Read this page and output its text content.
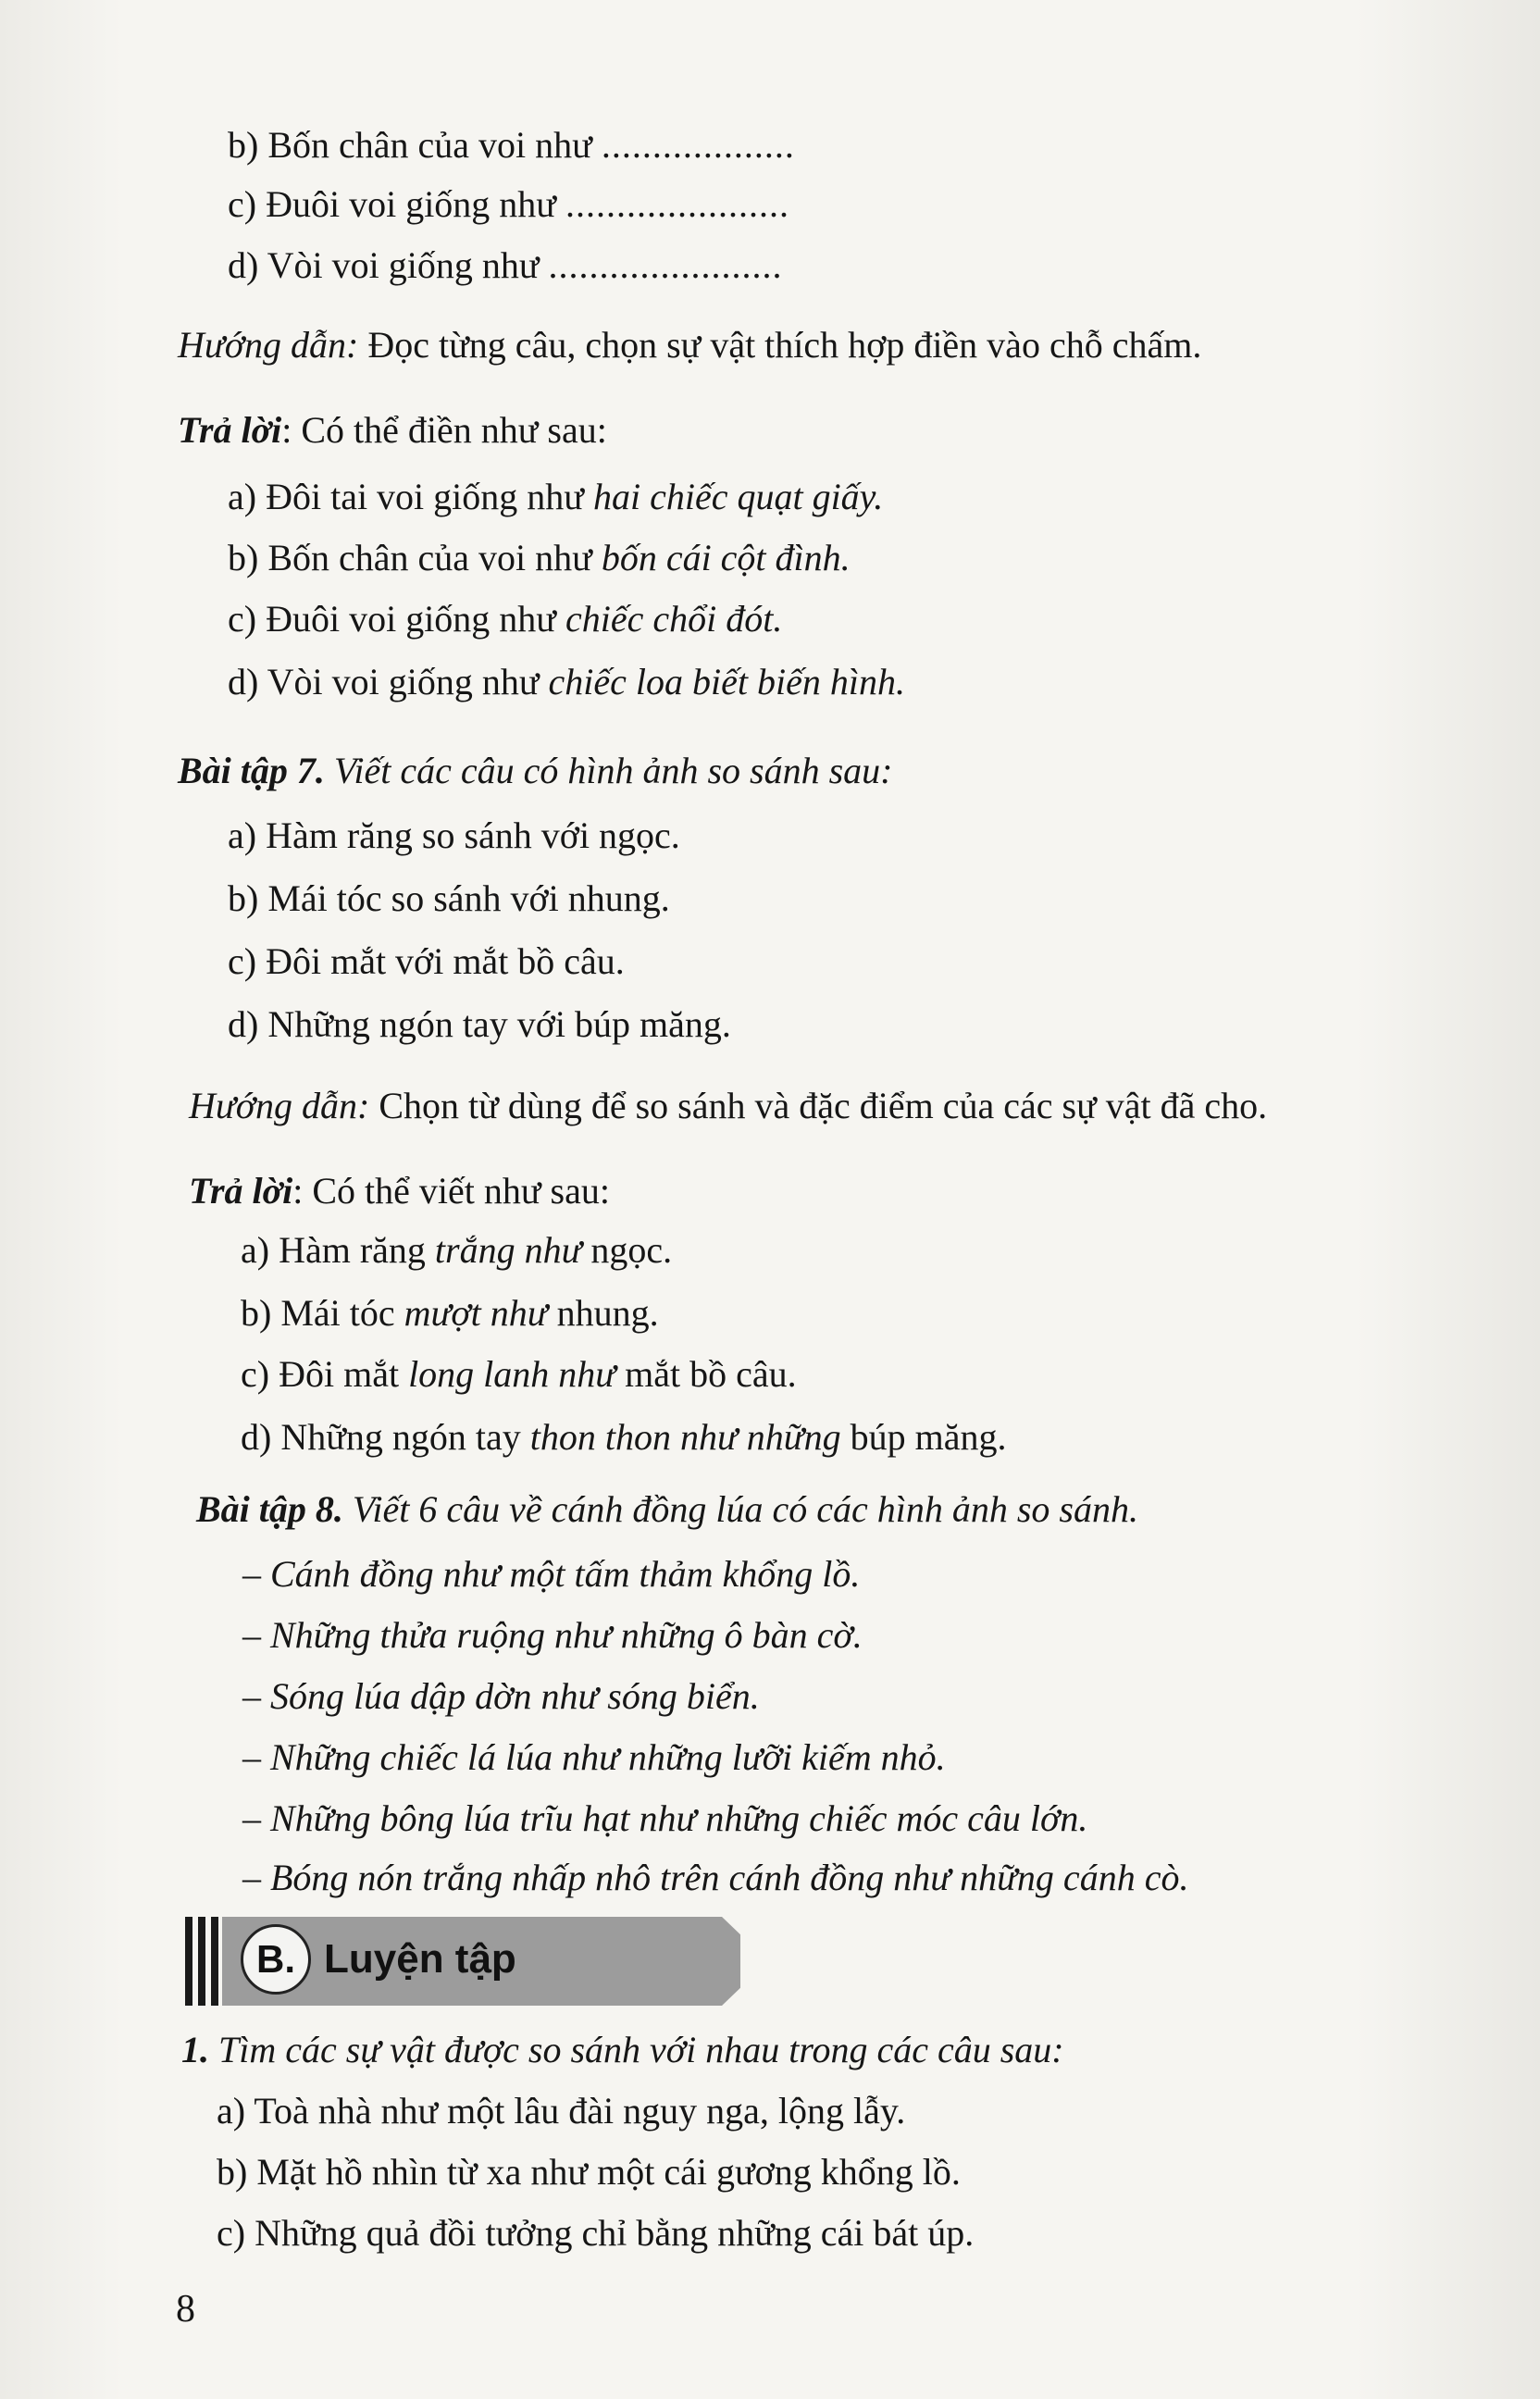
b) Bốn chân của voi như ...................
c) Đuôi voi giống như ......................
d) Vòi voi giống như .......................
Hướng dẫn: Đọc từng câu, chọn sự vật thích hợp điền vào chỗ chấm.
Trả lời: Có thể điền như sau:
a) Đôi tai voi giống như hai chiếc quạt giấy.
b) Bốn chân của voi như bốn cái cột đình.
c) Đuôi voi giống như chiếc chổi đót.
d) Vòi voi giống như chiếc loa biết biến hình.
Bài tập 7. Viết các câu có hình ảnh so sánh sau:
a) Hàm răng so sánh với ngọc.
b) Mái tóc so sánh với nhung.
c) Đôi mắt với mắt bồ câu.
d) Những ngón tay với búp măng.
Hướng dẫn: Chọn từ dùng để so sánh và đặc điểm của các sự vật đã cho.
Trả lời: Có thể viết như sau:
a) Hàm răng trắng như ngọc.
b) Mái tóc mượt như nhung.
c) Đôi mắt long lanh như mắt bồ câu.
d) Những ngón tay thon thon như những búp măng.
Bài tập 8. Viết 6 câu về cánh đồng lúa có các hình ảnh so sánh.
– Cánh đồng như một tấm thảm khổng lồ.
– Những thửa ruộng như những ô bàn cờ.
– Sóng lúa dập dờn như sóng biển.
– Những chiếc lá lúa như những lưỡi kiếm nhỏ.
– Những bông lúa trĩu hạt như những chiếc móc câu lớn.
– Bóng nón trắng nhấp nhô trên cánh đồng như những cánh cò.
B. Luyện tập
1. Tìm các sự vật được so sánh với nhau trong các câu sau:
a) Toà nhà như một lâu đài nguy nga, lộng lẫy.
b) Mặt hồ nhìn từ xa như một cái gương khổng lồ.
c) Những quả đồi tưởng chỉ bằng những cái bát úp.
8
